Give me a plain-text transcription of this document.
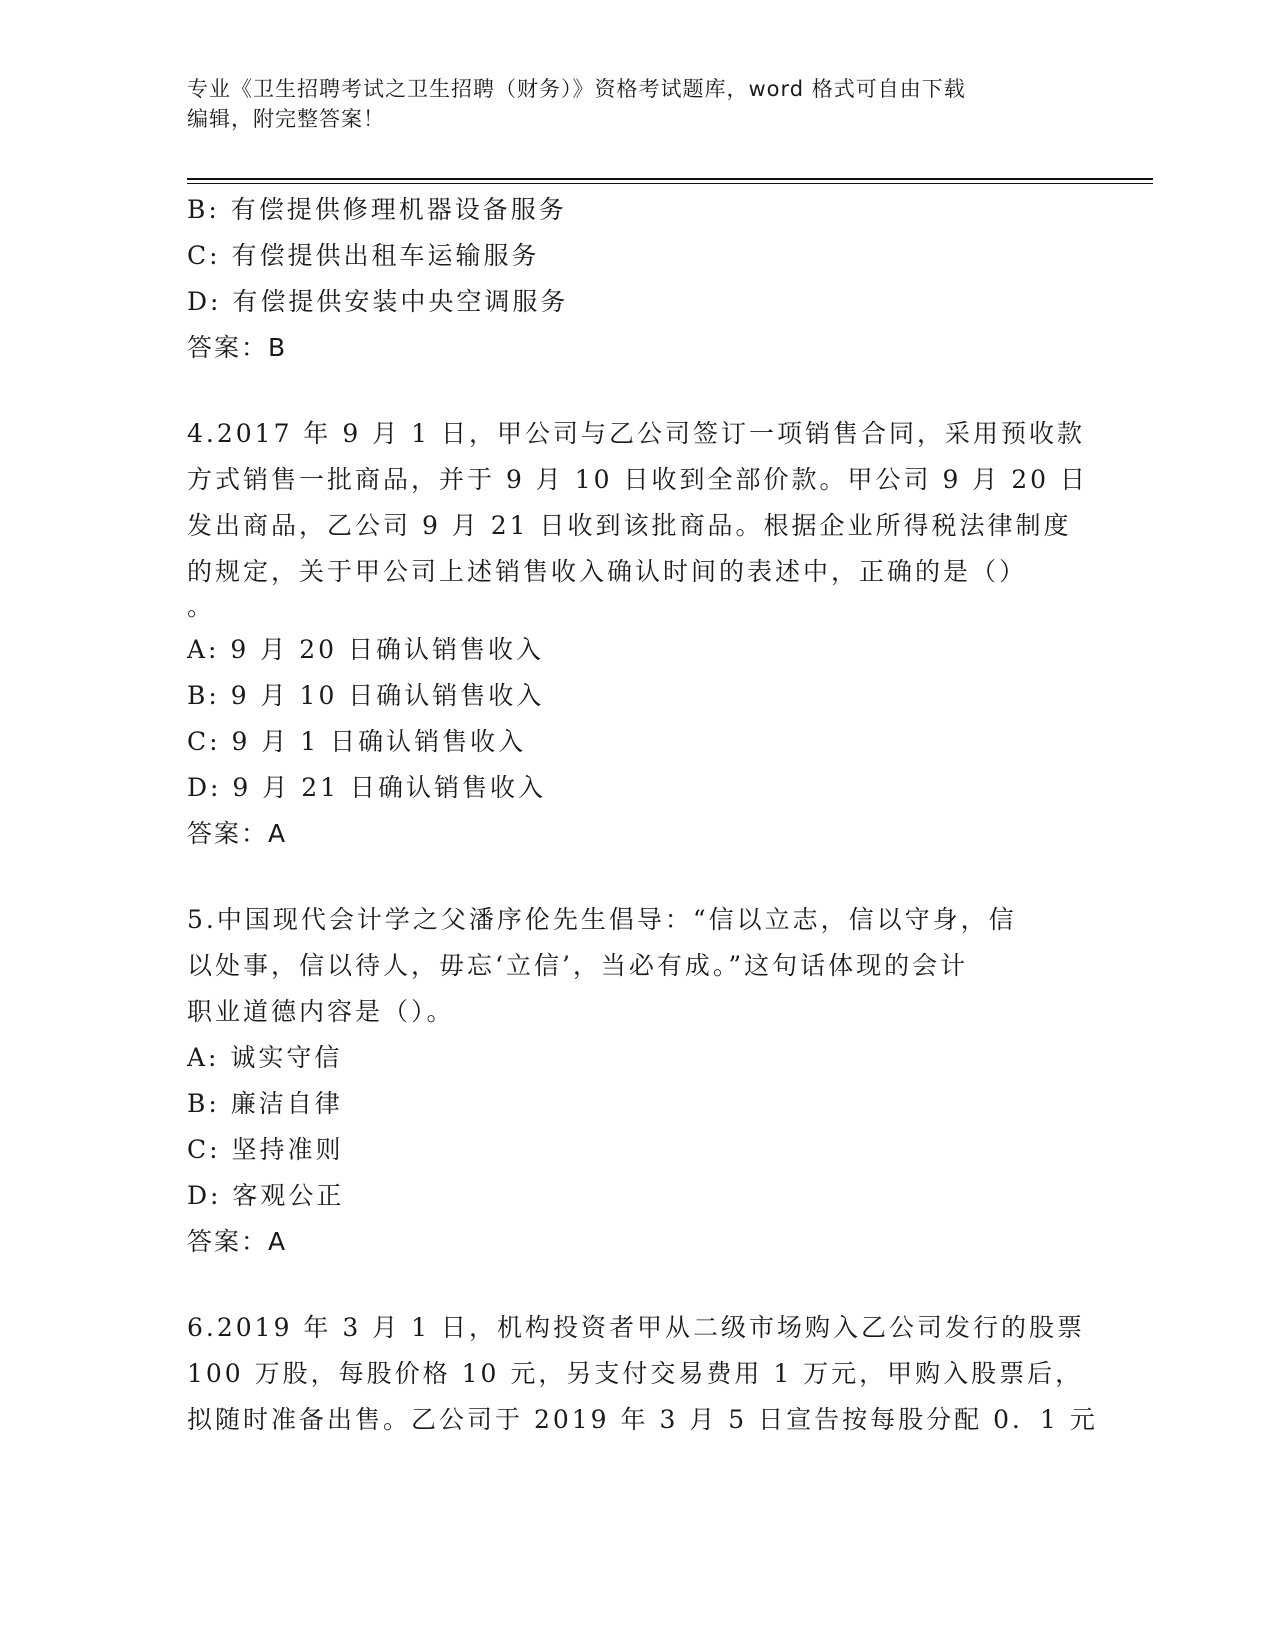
专业《卫生招聘考试之卫生招聘（财务）》资格考试题库，word 格式可自由下载
编辑，附完整答案！
B: 有偿提供修理机器设备服务
C: 有偿提供出租车运输服务
D: 有偿提供安装中央空调服务
答案：B
4.2017 年 9 月 1 日，甲公司与乙公司签订一项销售合同，采用预收款
方式销售一批商品，并于 9 月 10 日收到全部价款。甲公司 9 月 20 日
发出商品，乙公司 9 月 21 日收到该批商品。根据企业所得税法律制度
的规定，关于甲公司上述销售收入确认时间的表述中，正确的是（）
。
A: 9 月 20 日确认销售收入
B: 9 月 10 日确认销售收入
C: 9 月 1 日确认销售收入
D: 9 月 21 日确认销售收入
答案：A
5.中国现代会计学之父潘序伦先生倡导：“信以立志，信以守身，信
以处事，信以待人，毋忘‘立信’，当必有成。”这句话体现的会计
职业道德内容是（）。
A: 诚实守信
B: 廉洁自律
C: 坚持准则
D: 客观公正
答案：A
6.2019 年 3 月 1 日，机构投资者甲从二级市场购入乙公司发行的股票
100 万股，每股价格 10 元，另支付交易费用 1 万元，甲购入股票后，
拟随时准备出售。乙公司于 2019 年 3 月 5 日宣告按每股分配 0．1 元
